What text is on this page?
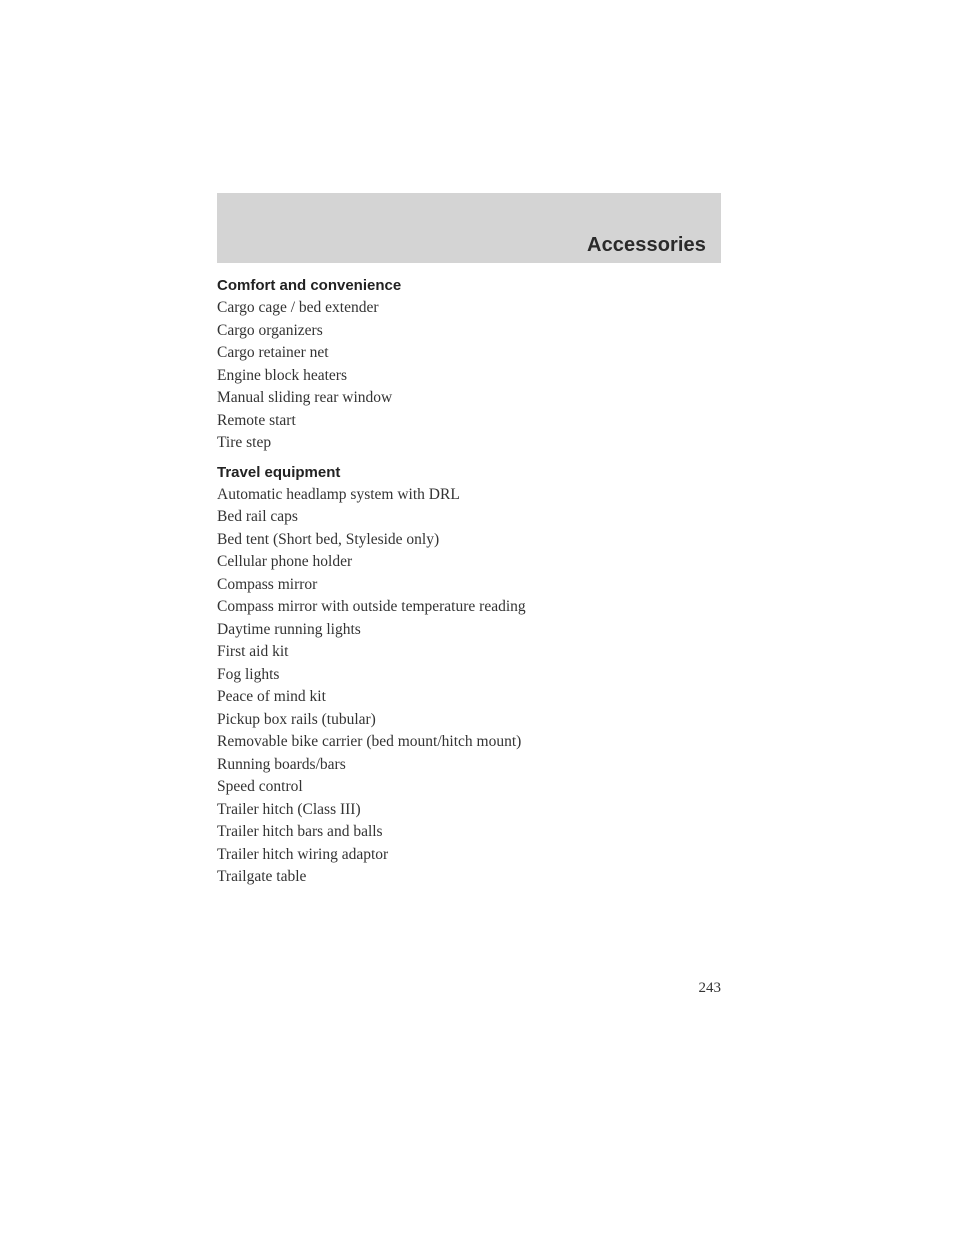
Accessories
Comfort and convenience
Cargo cage / bed extender
Cargo organizers
Cargo retainer net
Engine block heaters
Manual sliding rear window
Remote start
Tire step
Travel equipment
Automatic headlamp system with DRL
Bed rail caps
Bed tent (Short bed, Styleside only)
Cellular phone holder
Compass mirror
Compass mirror with outside temperature reading
Daytime running lights
First aid kit
Fog lights
Peace of mind kit
Pickup box rails (tubular)
Removable bike carrier (bed mount/hitch mount)
Running boards/bars
Speed control
Trailer hitch (Class III)
Trailer hitch bars and balls
Trailer hitch wiring adaptor
Trailgate table
243
